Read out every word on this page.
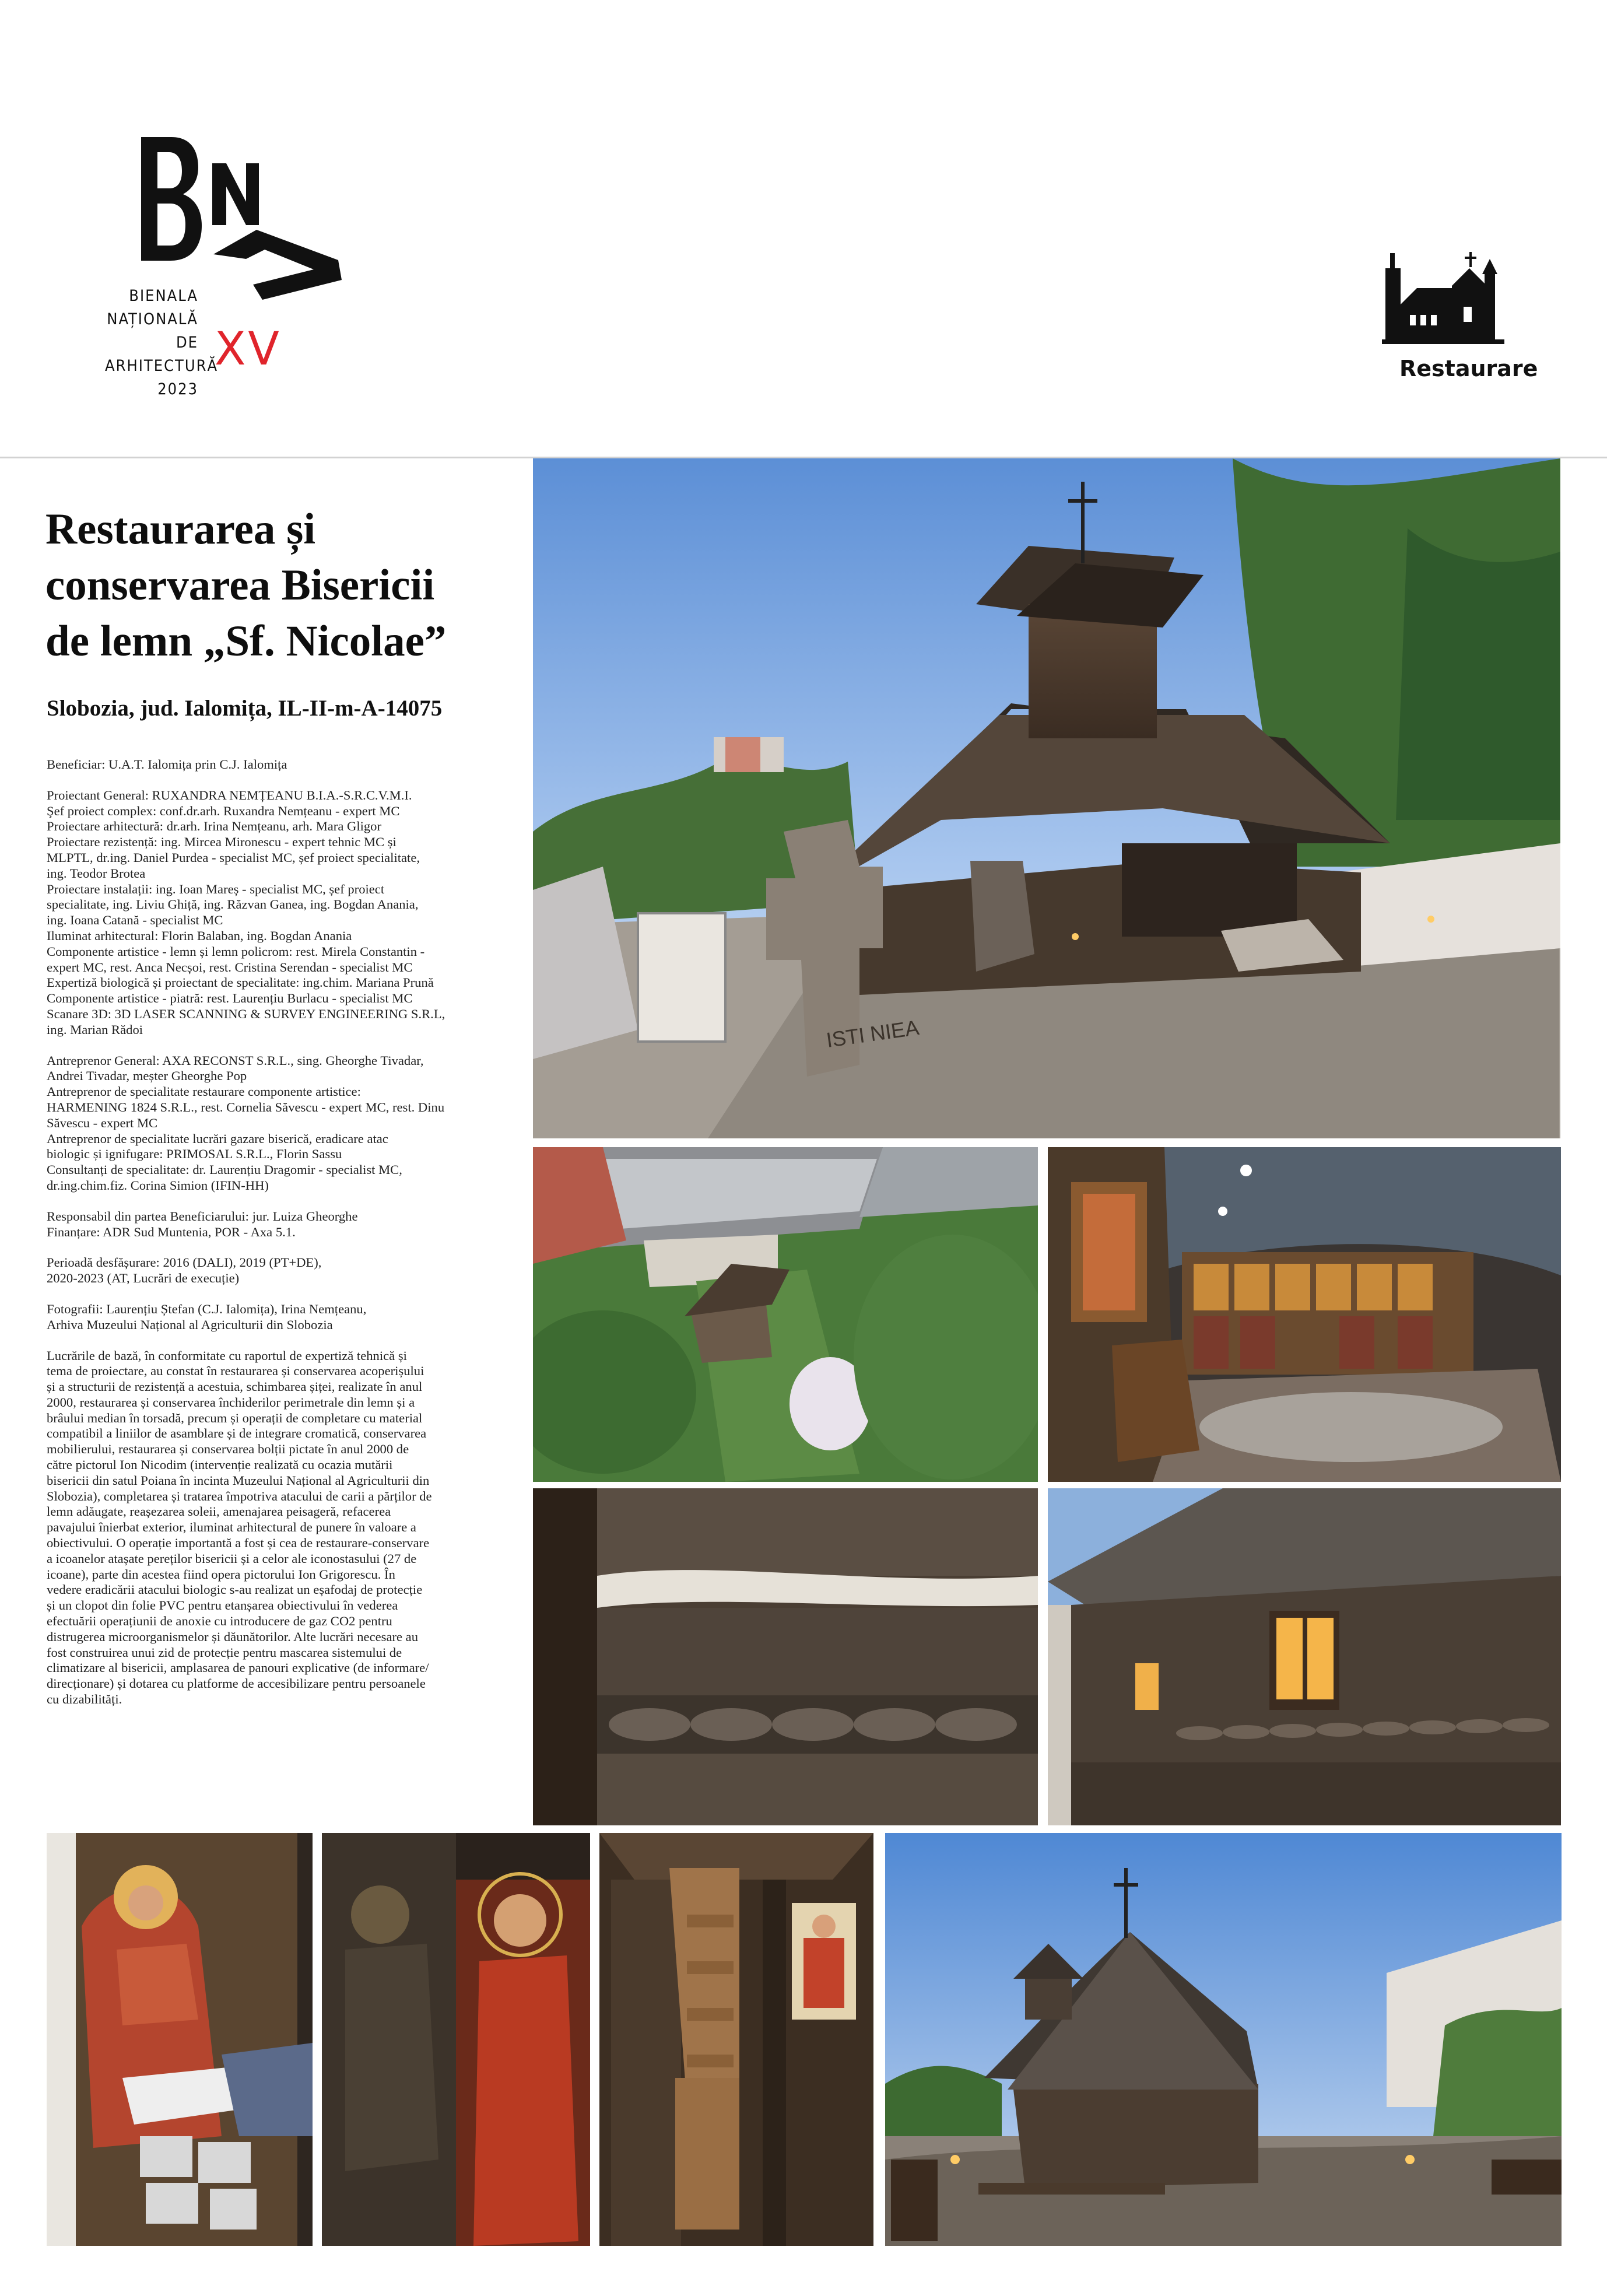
BIENALA
NAȚIONALĂ
DE
ARHITECTURĂ
2023
XV	Restaurare
Restaurarea și
conservarea Bisericii
de lemn „Sf. Nicolae”
Slobozia, jud. Ialomița, IL-II-m-A-14075
Beneficiar: U.A.T. Ialomița prin C.J. Ialomița
Proiectant General: RUXANDRA NEMȚEANU B.I.A.-S.R.C.V.M.I.
Şef proiect complex: conf.dr.arh. Ruxandra Nemțeanu - expert MC
Proiectare arhitectură: dr.arh. Irina Nemțeanu, arh. Mara Gligor
Proiectare rezistență: ing. Mircea Mironescu - expert tehnic MC și
MLPTL, dr.ing. Daniel Purdea - specialist MC, șef proiect specialitate,
ing. Teodor Brotea
Proiectare instalații: ing. Ioan Mareș - specialist MC, șef proiect
specialitate, ing. Liviu Ghiță, ing. Răzvan Ganea, ing. Bogdan Anania,
ing. Ioana Catană - specialist MC
Iluminat arhitectural: Florin Balaban, ing. Bogdan Anania
Componente artistice - lemn și lemn policrom: rest. Mirela Constantin -
expert MC, rest. Anca Necșoi, rest. Cristina Serendan - specialist MC
Expertiză biologică și proiectant de specialitate: ing.chim. Mariana Prună
Componente artistice - piatră: rest. Laurențiu Burlacu - specialist MC
Scanare 3D: 3D LASER SCANNING & SURVEY ENGINEERING S.R.L,
ing. Marian Rădoi
Antreprenor General: AXA RECONST S.R.L., sing. Gheorghe Tivadar,
Andrei Tivadar, meșter Gheorghe Pop
Antreprenor de specialitate restaurare componente artistice:
HARMENING 1824 S.R.L., rest. Cornelia Săvescu - expert MC, rest. Dinu
Săvescu - expert MC
Antreprenor de specialitate lucrări gazare biserică, eradicare atac
biologic și ignifugare: PRIMOSAL S.R.L., Florin Sassu
Consultanți de specialitate: dr. Laurențiu Dragomir - specialist MC,
dr.ing.chim.fiz. Corina Simion (IFIN-HH)
Responsabil din partea Beneficiarului: jur. Luiza Gheorghe
Finanțare: ADR Sud Muntenia, POR - Axa 5.1.
Perioadă desfășurare: 2016 (DALI), 2019 (PT+DE),
2020-2023 (AT, Lucrări de execuție)
Fotografii: Laurențiu Ștefan (C.J. Ialomița), Irina Nemțeanu,
Arhiva Muzeului Național al Agriculturii din Slobozia
Lucrările de bază, în conformitate cu raportul de expertiză tehnică și
tema de proiectare, au constat în restaurarea și conservarea acoperișului
și a structurii de rezistență a acestuia, schimbarea șiței, realizate în anul
2000, restaurarea și conservarea închiderilor perimetrale din lemn și a
brâului median în torsadă, precum și operații de completare cu material
compatibil a liniilor de asamblare și de integrare cromatică, conservarea
mobilierului, restaurarea și conservarea bolții pictate în anul 2000 de
către pictorul Ion Nicodim (intervenție realizată cu ocazia mutării
bisericii din satul Poiana în incinta Muzeului Național al Agriculturii din
Slobozia), completarea și tratarea împotriva atacului de carii a părților de
lemn adăugate, reașezarea soleii, amenajarea peisageră, refacerea
pavajului înierbat exterior, iluminat arhitectural de punere în valoare a
obiectivului. O operație importantă a fost și cea de restaurare-conservare
a icoanelor atașate pereților bisericii și a celor ale iconostasului (27 de
icoane), parte din acestea fiind opera pictorului Ion Grigorescu. În
vedere eradicării atacului biologic s-au realizat un eșafodaj de protecție
și un clopot din folie PVC pentru etanșarea obiectivului în vederea
efectuării operațiunii de anoxie cu introducere de gaz CO2 pentru
distrugerea microorganismelor și dăunătorilor. Alte lucrări necesare au
fost construirea unui zid de protecție pentru mascarea sistemului de
climatizare al bisericii, amplasarea de panouri explicative (de informare/
direcționare) și dotarea cu platforme de accesibilizare pentru persoanele
cu dizabilități.
ISTI NIEA
